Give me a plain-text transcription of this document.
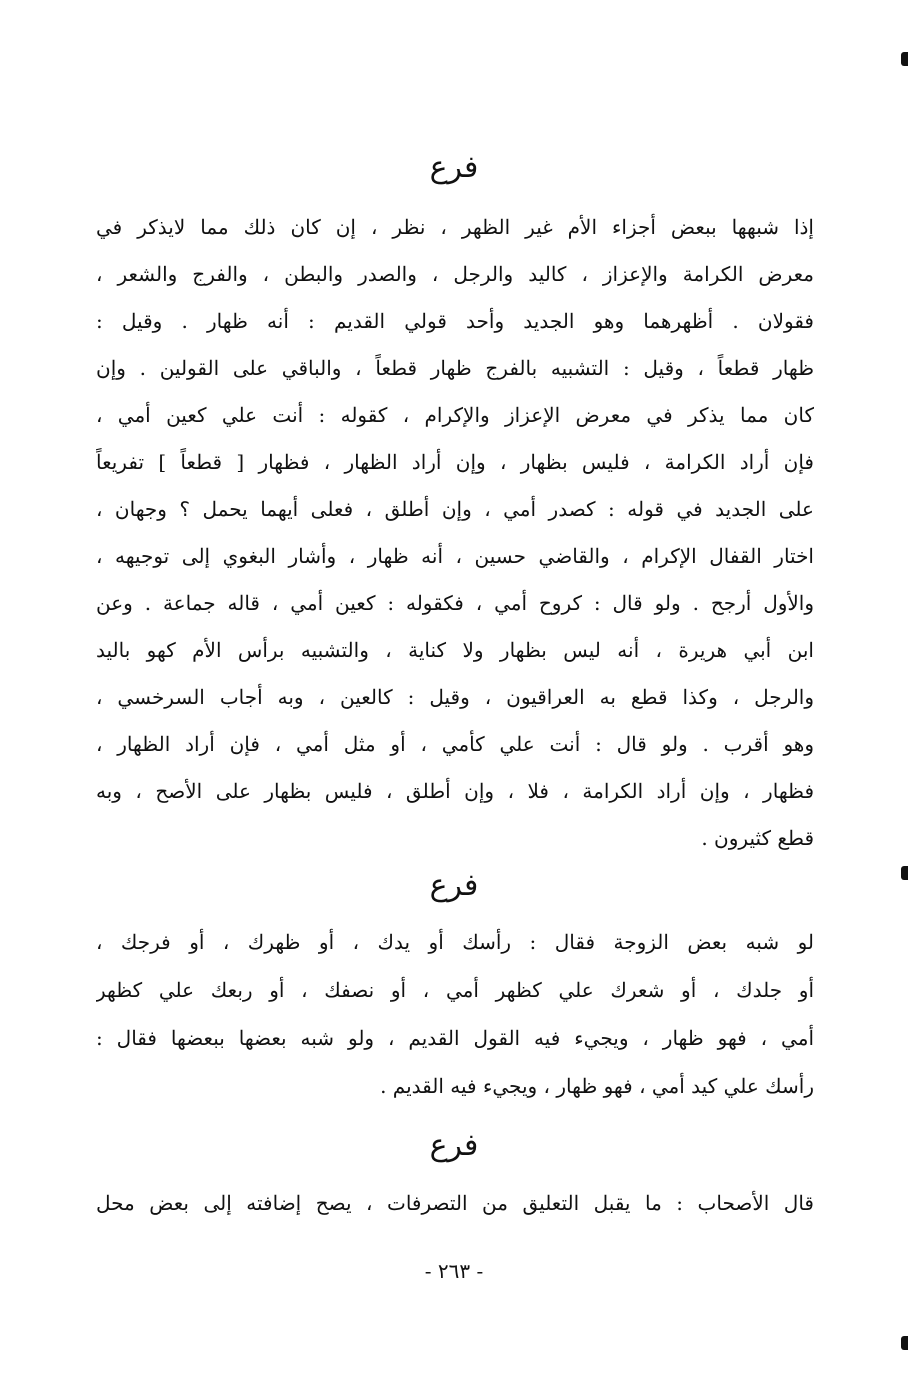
فرع
إذا شبهها ببعض أجزاء الأم غير الظهر ، نظر ، إن كان ذلك مما لايذكر في
معرض الكرامة والإعزاز ، كاليد والرجل ، والصدر والبطن ، والفرج والشعر ،
فقولان . أظهرهما وهو الجديد وأحد قولي القديم : أنه ظهار . وقيل :
ظهار قطعاً ، وقيل : التشبيه بالفرج ظهار قطعاً ، والباقي على القولين . وإن
كان مما يذكر في معرض الإعزاز والإكرام ، كقوله : أنت علي كعين أمي ،
فإن أراد الكرامة ، فليس بظهار ، وإن أراد الظهار ، فظهار [ قطعاً ] تفريعاً
على الجديد في قوله : كصدر أمي ، وإن أطلق ، فعلى أيهما يحمل ؟ وجهان ،
اختار القفال الإكرام ، والقاضي حسين ، أنه ظهار ، وأشار البغوي إلى توجيهه ،
والأول أرجح . ولو قال : كروح أمي ، فكقوله : كعين أمي ، قاله جماعة . وعن
ابن أبي هريرة ، أنه ليس بظهار ولا كناية ، والتشبيه برأس الأم كهو باليد
والرجل ، وكذا قطع به العراقيون ، وقيل : كالعين ، وبه أجاب السرخسي ،
وهو أقرب . ولو قال : أنت علي كأمي ، أو مثل أمي ، فإن أراد الظهار ،
فظهار ، وإن أراد الكرامة ، فلا ، وإن أطلق ، فليس بظهار على الأصح ، وبه
قطع كثيرون .
فرع
لو شبه بعض الزوجة فقال : رأسك أو يدك ، أو ظهرك ، أو فرجك ،
أو جلدك ، أو شعرك علي كظهر أمي ، أو نصفك ، أو ربعك علي كظهر
أمي ، فهو ظهار ، ويجيء فيه القول القديم ، ولو شبه بعضها ببعضها فقال :
رأسك علي كيد أمي ، فهو ظهار ، ويجيء فيه القديم .
فرع
قال الأصحاب : ما يقبل التعليق من التصرفات ، يصح إضافته إلى بعض محل
- ٢٦٣ -
